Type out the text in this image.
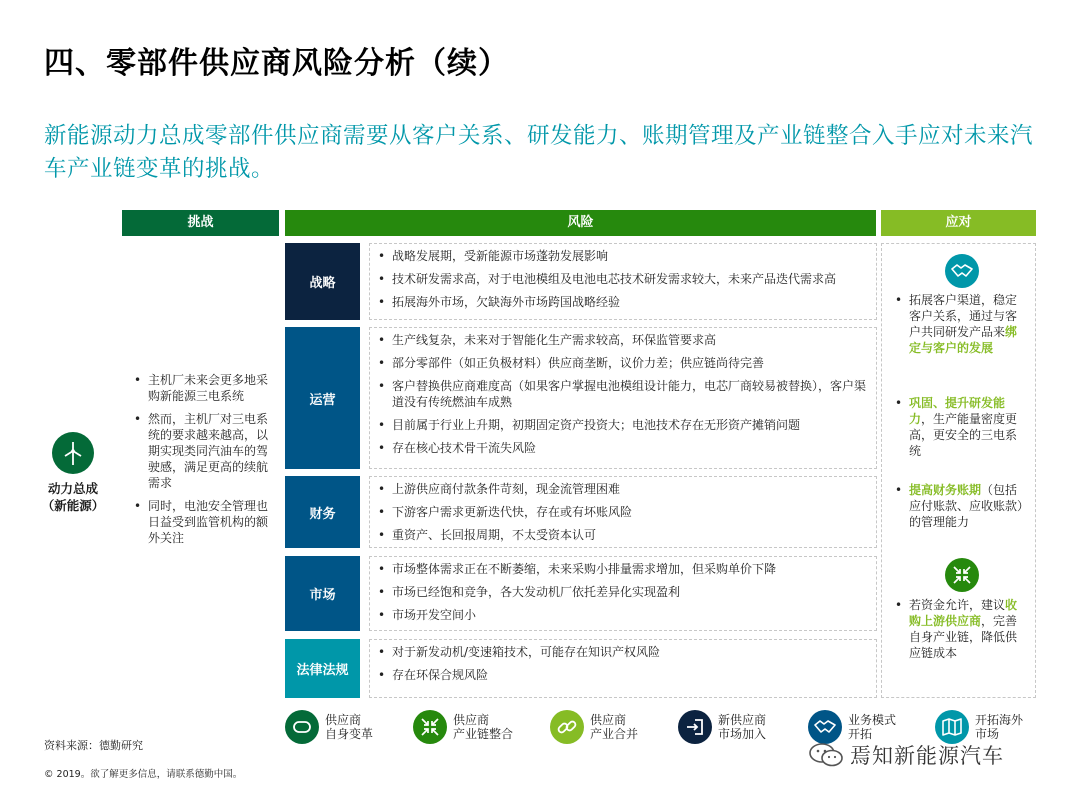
四、零部件供应商风险分析（续）
新能源动力总成零部件供应商需要从客户关系、研发能力、账期管理及产业链整合入手应对未来汽车产业链变革的挑战。
挑战	风险	应对
动力总成
（新能源）
• 主机厂未来会更多地采购新能源三电系统
• 然而，主机厂对三电系统的要求越来越高，以期实现类同汽油车的驾驶感，满足更高的续航需求
• 同时，电池安全管理也日益受到监管机构的额外关注
战略
• 战略发展期，受新能源市场蓬勃发展影响
• 技术研发需求高，对于电池模组及电池电芯技术研发需求较大，未来产品迭代需求高
• 拓展海外市场，欠缺海外市场跨国战略经验
运营
• 生产线复杂，未来对于智能化生产需求较高，环保监管要求高
• 部分零部件（如正负极材料）供应商垄断，议价力差；供应链尚待完善
• 客户替换供应商难度高（如果客户掌握电池模组设计能力，电芯厂商较易被替换），客户渠道没有传统燃油车成熟
• 目前属于行业上升期，初期固定资产投资大；电池技术存在无形资产摊销问题
• 存在核心技术骨干流失风险
财务
• 上游供应商付款条件苛刻，现金流管理困难
• 下游客户需求更新迭代快，存在或有坏账风险
• 重资产、长回报周期，不太受资本认可
市场
• 市场整体需求正在不断萎缩，未来采购小排量需求增加，但采购单价下降
• 市场已经饱和竞争，各大发动机厂依托差异化实现盈利
• 市场开发空间小
法律法规
• 对于新发动机/变速箱技术，可能存在知识产权风险
• 存在环保合规风险
• 拓展客户渠道，稳定客户关系，通过与客户共同研发产品来绑定与客户的发展
• 巩固、提升研发能力，生产能量密度更高，更安全的三电系统
• 提高财务账期（包括应付账款、应收账款）的管理能力
• 若资金允许，建议收购上游供应商，完善自身产业链，降低供应链成本
供应商
自身变革
供应商
产业链整合
供应商
产业合并
新供应商
市场加入
业务模式
开拓
开拓海外
市场
资料来源：德勤研究
© 2019。欲了解更多信息，请联系德勤中国。
焉知新能源汽车
